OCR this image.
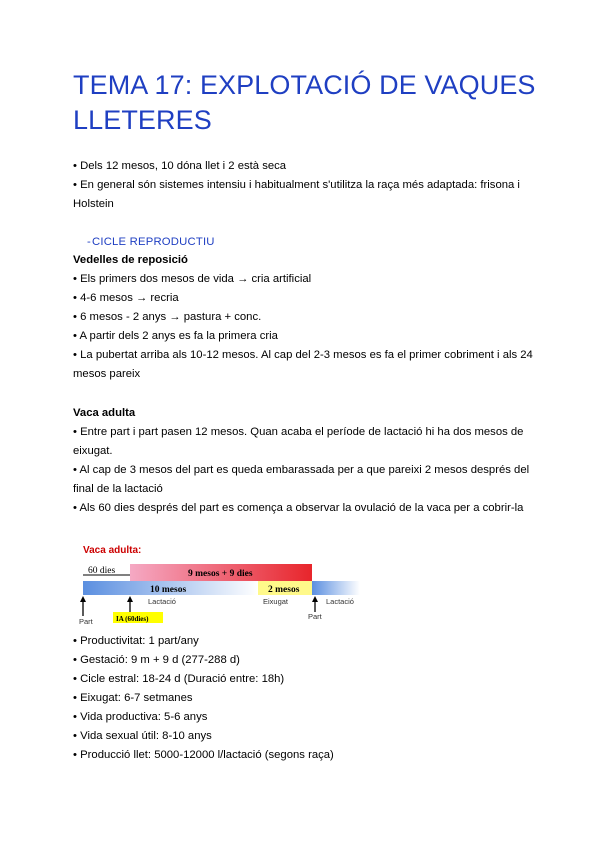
TEMA 17: EXPLOTACIÓ DE VAQUES LLETERES
• Dels 12 mesos, 10 dóna llet i 2 està seca
• En general són sistemes intensiu i habitualment s'utilitza la raça més adaptada: frisona i Holstein
- CICLE REPRODUCTIU
Vedelles de reposició
• Els primers dos mesos de vida → cria artificial
• 4-6 mesos → recria
• 6 mesos - 2 anys → pastura + conc.
• A partir dels 2 anys es fa la primera cria
• La pubertat arriba als 10-12 mesos. Al cap del 2-3 mesos es fa el primer cobriment i als 24 mesos pareix
Vaca adulta
• Entre part i part pasen 12 mesos. Quan acaba el període de lactació hi ha dos mesos de eixugat.
• Al cap de 3 mesos del part es queda embarassada per a que pareixi 2 mesos després del final de la lactació
• Als 60 dies després del part es comença a observar la ovulació de la vaca per a cobrir-la
Vaca adulta:
60 dies	9 mesos + 9 dies
10 mesos	2 mesos
Lactació	Eixugat	Lactació
Part
Part
IA (60dies)
• Productivitat: 1 part/any
• Gestació: 9 m + 9 d (277-288 d)
• Cicle estral: 18-24 d (Duració entre: 18h)
• Eixugat: 6-7 setmanes
• Vida productiva: 5-6 anys
• Vida sexual útil: 8-10 anys
• Producció llet: 5000-12000 l/lactació (segons raça)
